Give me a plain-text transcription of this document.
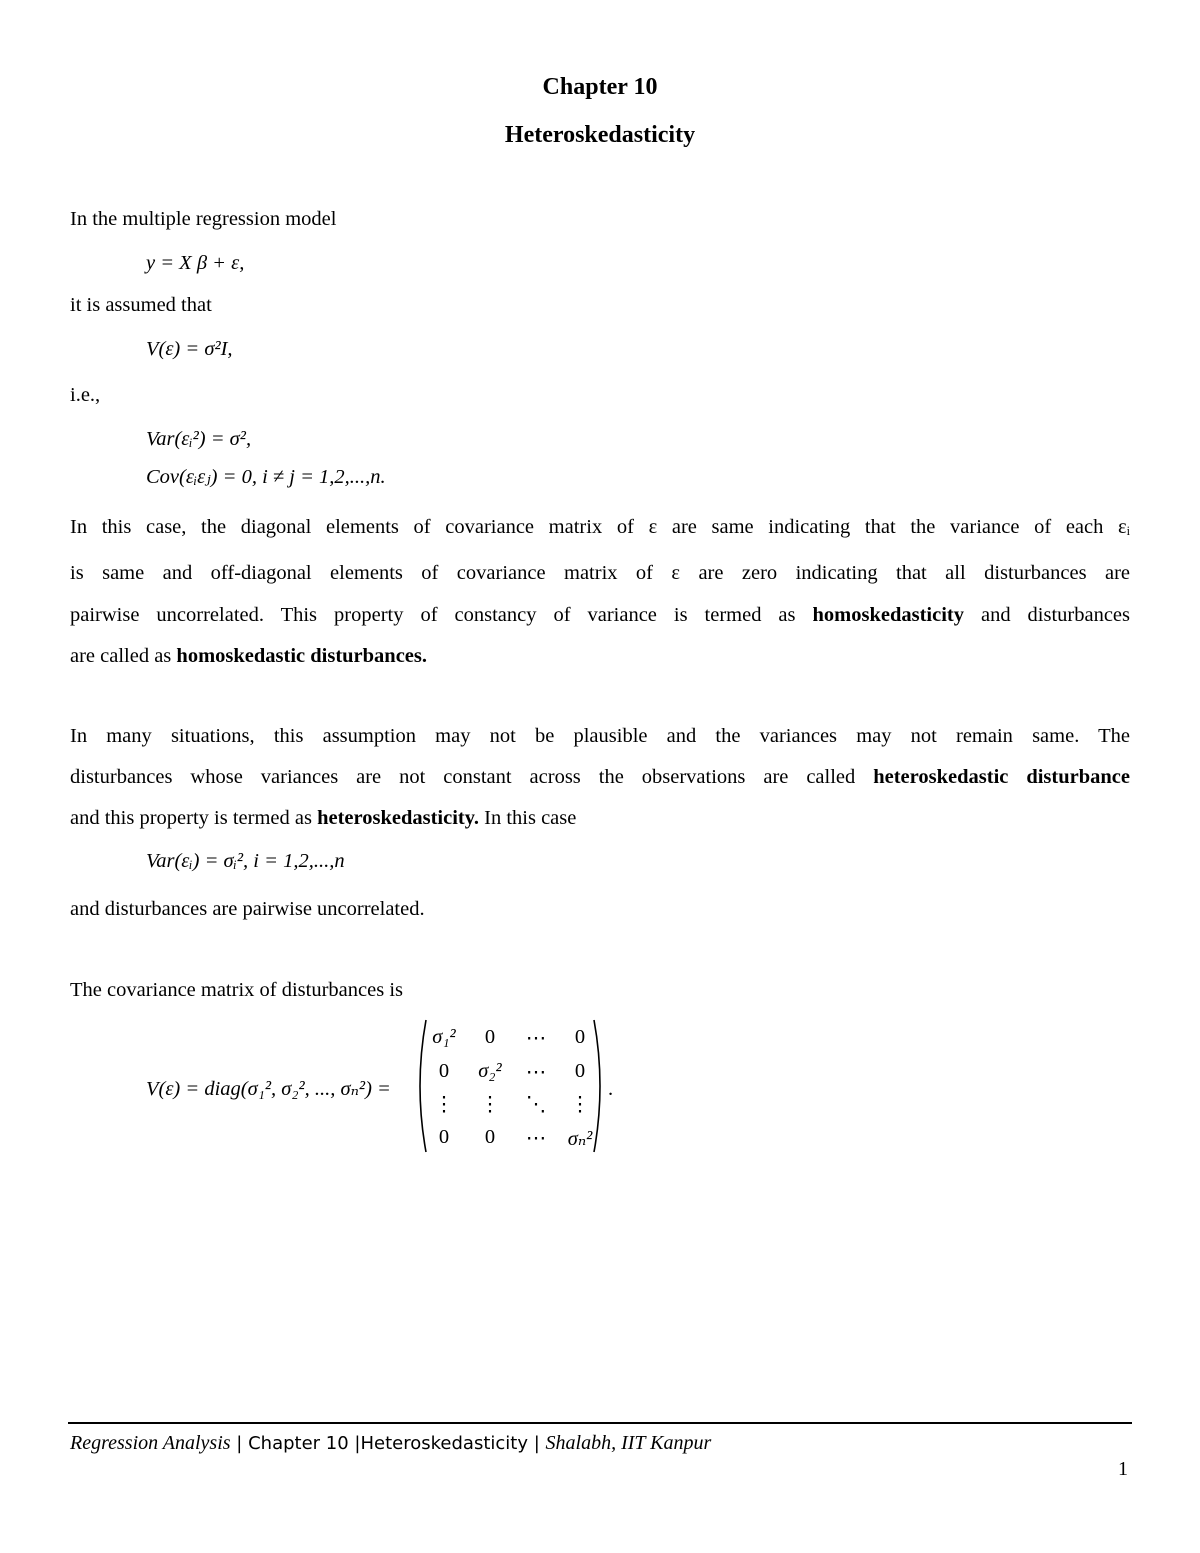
Chapter 10
Heteroskedasticity
In the multiple regression model
y = X β + ε,
it is assumed that
V(ε) = σ²I,
i.e.,
Var(εᵢ²) = σ²,
Cov(εᵢεⱼ) = 0, i ≠ j = 1,2,...,n.
In this case, the diagonal elements of covariance matrix of ε are same indicating that the variance of each εᵢ
is same and off-diagonal elements of covariance matrix of ε are zero indicating that all disturbances are
pairwise uncorrelated. This property of constancy of variance is termed as homoskedasticity and disturbances
are called as homoskedastic disturbances.
In many situations, this assumption may not be plausible and the variances may not remain same. The
disturbances whose variances are not constant across the observations are called heteroskedastic disturbance
and this property is termed as heteroskedasticity. In this case
Var(εᵢ) = σᵢ², i = 1,2,...,n
and disturbances are pairwise uncorrelated.
The covariance matrix of disturbances is
V(ε) = diag(σ₁², σ₂², ..., σₙ²) =
σ₁²	0	⋯	0
0	σ₂²	⋯	0
⋮	⋮	⋱	⋮
0	0	⋯	σₙ²
.
Regression Analysis | Chapter 10 |Heteroskedasticity | Shalabh, IIT Kanpur
1
